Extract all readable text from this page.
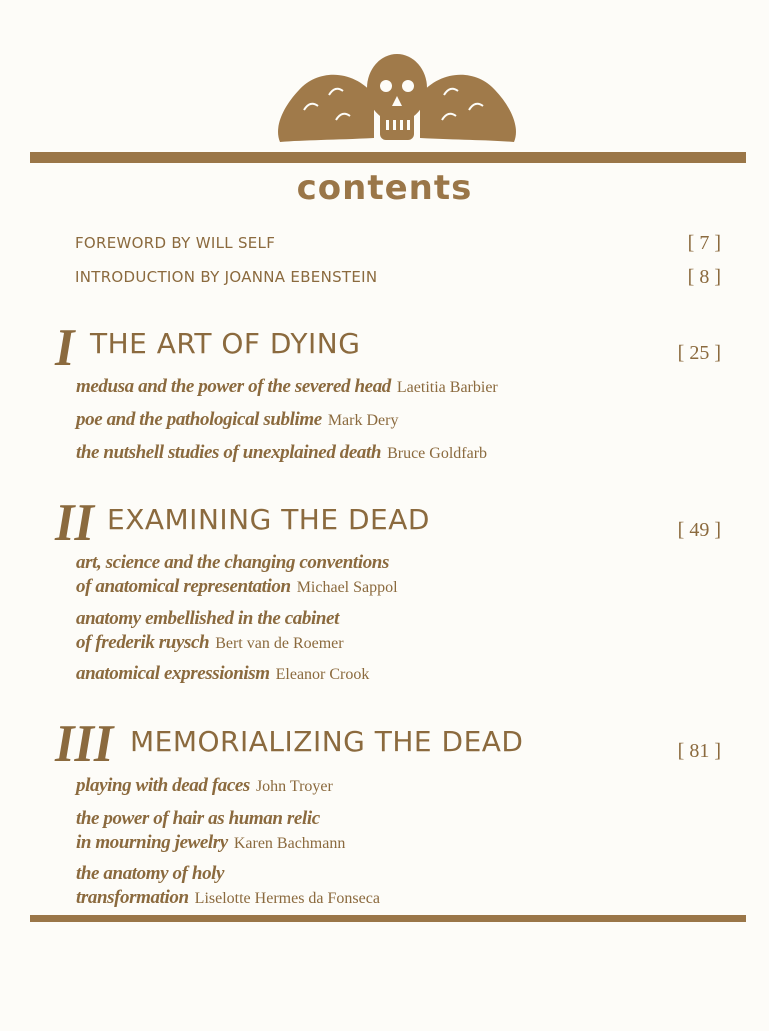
contents
FOREWORD BY WILL SELF	[ 7 ]
INTRODUCTION BY JOANNA EBENSTEIN	[ 8 ]
I THE ART OF DYING	[ 25 ]
medusa and the power of the severed head Laetitia Barbier
poe and the pathological sublime Mark Dery
the nutshell studies of unexplained death Bruce Goldfarb
II EXAMINING THE DEAD	[ 49 ]
art, science and the changing conventions
of anatomical representation Michael Sappol
anatomy embellished in the cabinet
of frederik ruysch Bert van de Roemer
anatomical expressionism Eleanor Crook
III MEMORIALIZING THE DEAD	[ 81 ]
playing with dead faces John Troyer
the power of hair as human relic
in mourning jewelry Karen Bachmann
the anatomy of holy
transformation Liselotte Hermes da Fonseca
